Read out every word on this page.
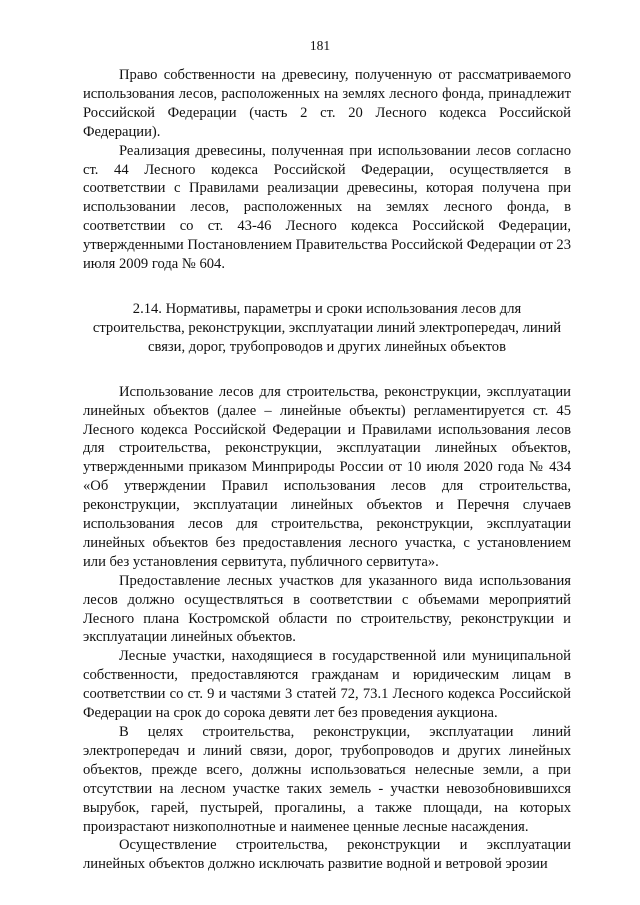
181

Право собственности на древесину, полученную от рассматриваемого использования лесов, расположенных на землях лесного фонда, принадлежит Российской Федерации (часть 2 ст. 20 Лесного кодекса Российской Федерации).

Реализация древесины, полученная при использовании лесов согласно ст. 44 Лесного кодекса Российской Федерации, осуществляется в соответствии с Правилами реализации древесины, которая получена при использовании лесов, расположенных на землях лесного фонда, в соответствии со ст. 43-46 Лесного кодекса Российской Федерации, утвержденными Постановлением Правительства Российской Федерации от 23 июля 2009 года № 604.

2.14. Нормативы, параметры и сроки использования лесов для строительства, реконструкции, эксплуатации линий электропередач, линий связи, дорог, трубопроводов и других линейных объектов

Использование лесов для строительства, реконструкции, эксплуатации линейных объектов (далее – линейные объекты) регламентируется ст. 45 Лесного кодекса Российской Федерации и Правилами использования лесов для строительства, реконструкции, эксплуатации линейных объектов, утвержденными приказом Минприроды России от 10 июля 2020 года № 434 «Об утверждении Правил использования лесов для строительства, реконструкции, эксплуатации линейных объектов и Перечня случаев использования лесов для строительства, реконструкции, эксплуатации линейных объектов без предоставления лесного участка, с установлением или без установления сервитута, публичного сервитута».

Предоставление лесных участков для указанного вида использования лесов должно осуществляться в соответствии с объемами мероприятий Лесного плана Костромской области по строительству, реконструкции и эксплуатации линейных объектов.

Лесные участки, находящиеся в государственной или муниципальной собственности, предоставляются гражданам и юридическим лицам в соответствии со ст. 9 и частями 3 статей 72, 73.1 Лесного кодекса Российской Федерации на срок до сорока девяти лет без проведения аукциона.

В целях строительства, реконструкции, эксплуатации линий электропередач и линий связи, дорог, трубопроводов и других линейных объектов, прежде всего, должны использоваться нелесные земли, а при отсутствии на лесном участке таких земель - участки невозобновившихся вырубок, гарей, пустырей, прогалины, а также площади, на которых произрастают низкополнотные и наименее ценные лесные насаждения.

Осуществление строительства, реконструкции и эксплуатации линейных объектов должно исключать развитие водной и ветровой эрозии
